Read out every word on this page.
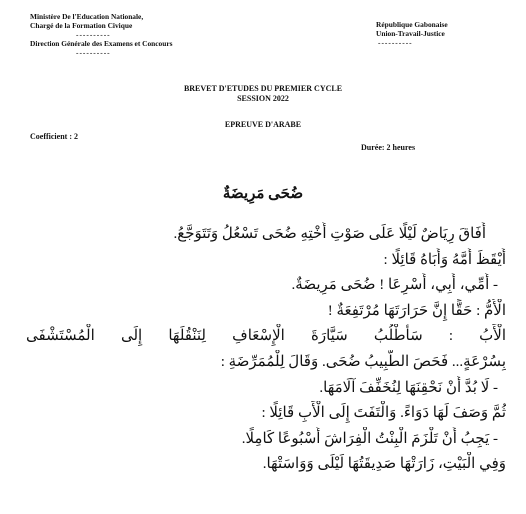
Ministère De l'Education Nationale,
Chargé de la Formation Civique
----------
Direction Générale des Examens et Concours
----------
République Gabonaise
Union-Travail-Justice
----------
BREVET D'ETUDES DU PREMIER CYCLE
SESSION 2022
EPREUVE D'ARABE
Coefficient : 2
Durée: 2 heures
ضُحَى مَرِيضَةٌ
أَفَاقَ رِيَاضٌ لَيْلًا عَلَى صَوْتِ أُخْتِهِ ضُحَى تَسْعُلُ وَتَتَوَجَّعُ.
أَيْقَظَ أُمَّهُ وَأَبَاهُ قَائِلًا :
- أُمِّي، أَبِي، أَسْرِعَا ! ضُحَى مَرِيضَةٌ.
الْأُمُّ : حَقًّا إِنَّ حَرَارَتَهَا مُرْتَفِعَةٌ !
الْأَبُ : سَأَطْلُبُ سَيَّارَةَ الْإِسْعَافِ لِنَنْقُلَهَا إِلَى الْمُسْتَشْفَى
بِسُرْعَةٍ... فَحَصَ الطَّبِيبُ ضُحَى. وَقَالَ لِلْمُمَرِّضَةِ :
- لَا بُدَّ أَنْ نَحْقِنَهَا لِنُخَفِّفَ آلَامَهَا.
ثُمَّ وَصَفَ لَهَا دَوَاءً. وَالْتَفَتَ إِلَى الْأَبِ قَائِلًا :
- يَجِبُ أَنْ تَلْزَمَ الْبِنْتُ الْفِرَاشَ أُسْبُوعًا كَامِلًا.
وَفِي الْبَيْتِ، زَارَتْهَا صَدِيقَتُهَا لَيْلَى وَوَاسَتْهَا.
